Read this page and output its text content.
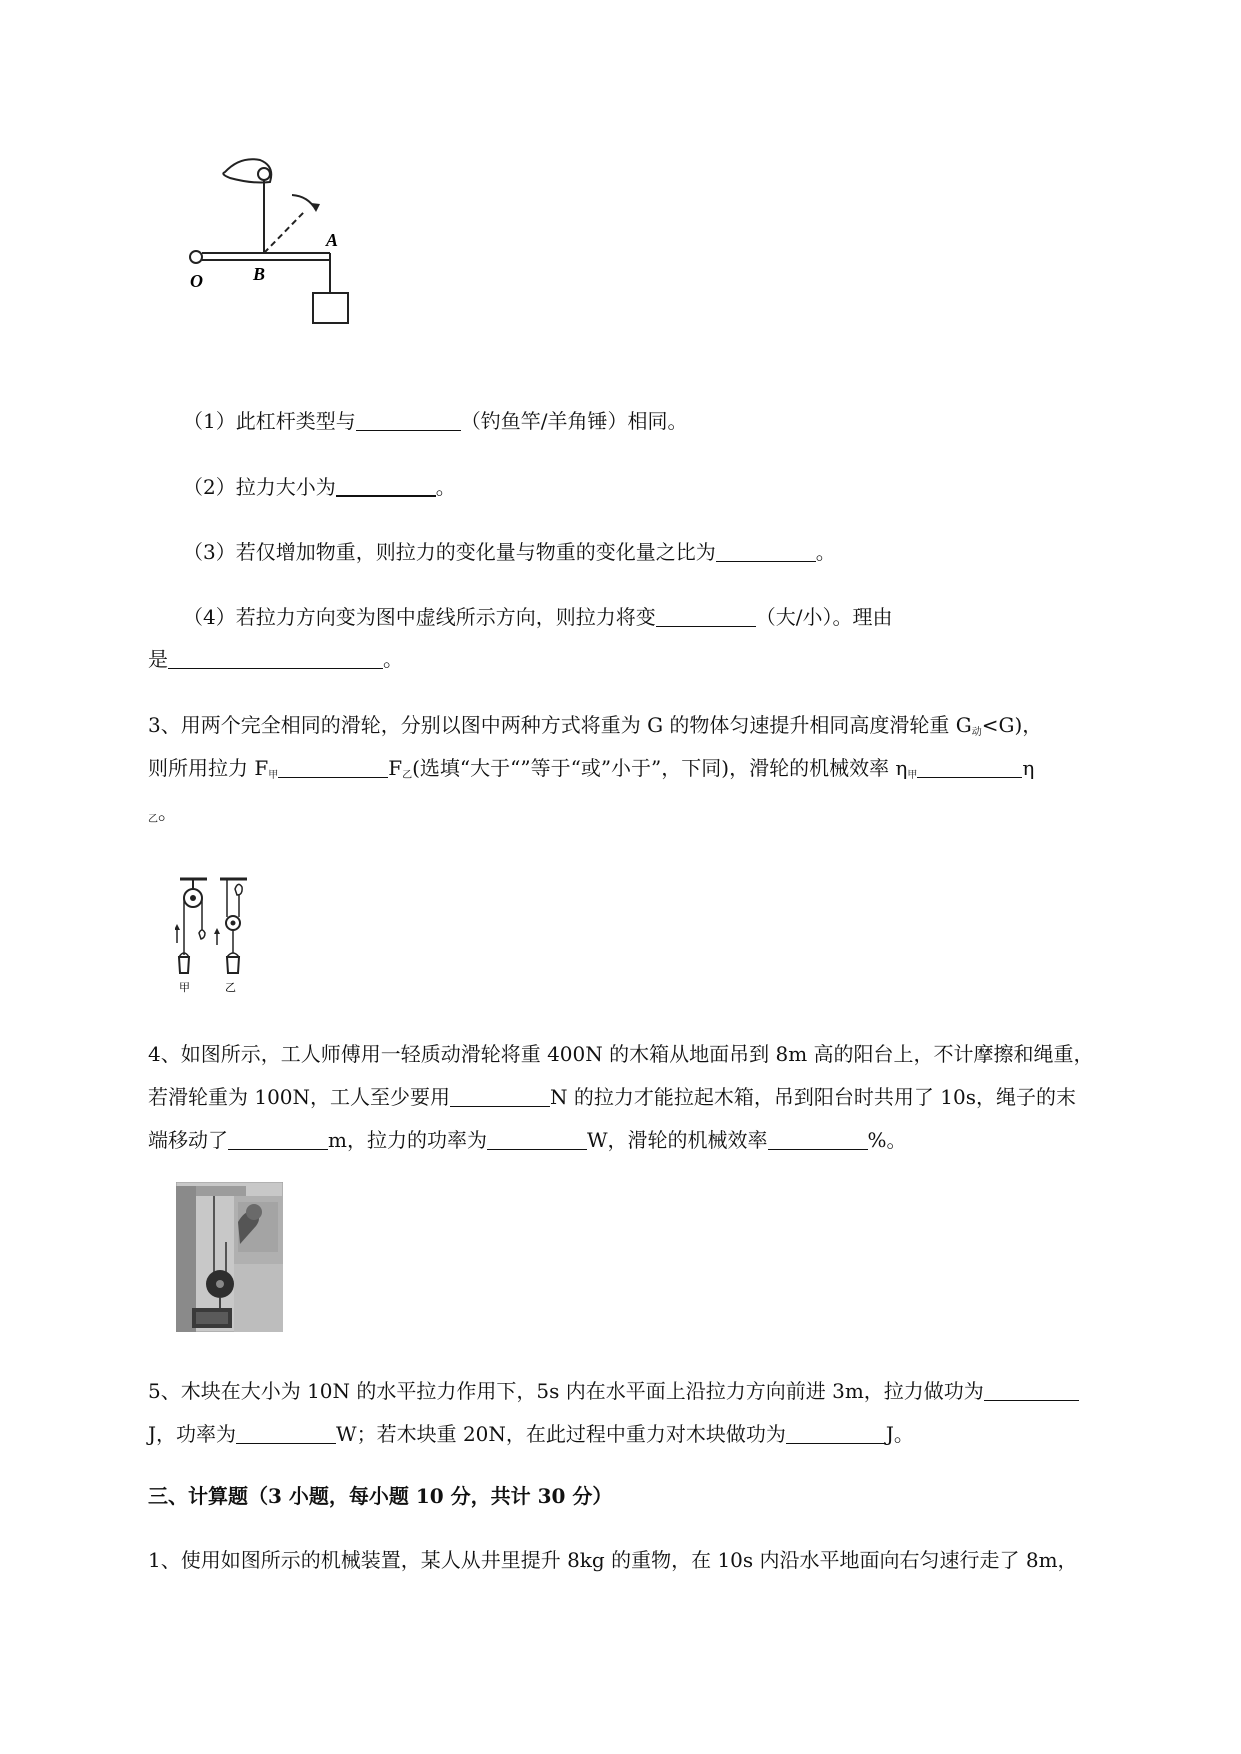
O	B
A
（1）此杠杆类型与	（钓鱼竿/羊角锤）相同。
（2）拉力大小为	。
（3）若仅增加物重，则拉力的变化量与物重的变化量之比为	。
（4）若拉力方向变为图中虚线所示方向，则拉力将变	（大/小）。理由
是	。
3、用两个完全相同的滑轮，分别以图中两种方式将重为 G 的物体匀速提升相同高度滑轮重 $G_动<G$)，
则所用拉力 $F_甲$	$F_乙$(选填“大于“”等于“或”小于”，下同)，滑轮的机械效率 $\eta_甲$	η
$_乙$。
甲	乙
4、如图所示，工人师傅用一轻质动滑轮将重 400N 的木箱从地面吊到 8m 高的阳台上，不计摩擦和绳重，
若滑轮重为 100N，工人至少要用	N 的拉力才能拉起木箱，吊到阳台时共用了 10s，绳子的末
端移动了	m，拉力的功率为	W，滑轮的机械效率	%。
5、木块在大小为 10N 的水平拉力作用下，5s 内在水平面上沿拉力方向前进 3m，拉力做功为
J，功率为	W；若木块重 20N，在此过程中重力对木块做功为	J。
三、计算题（3 小题，每小题 10 分，共计 30 分）
1、使用如图所示的机械装置，某人从井里提升 8kg 的重物，在 10s 内沿水平地面向右匀速行走了 8m，
